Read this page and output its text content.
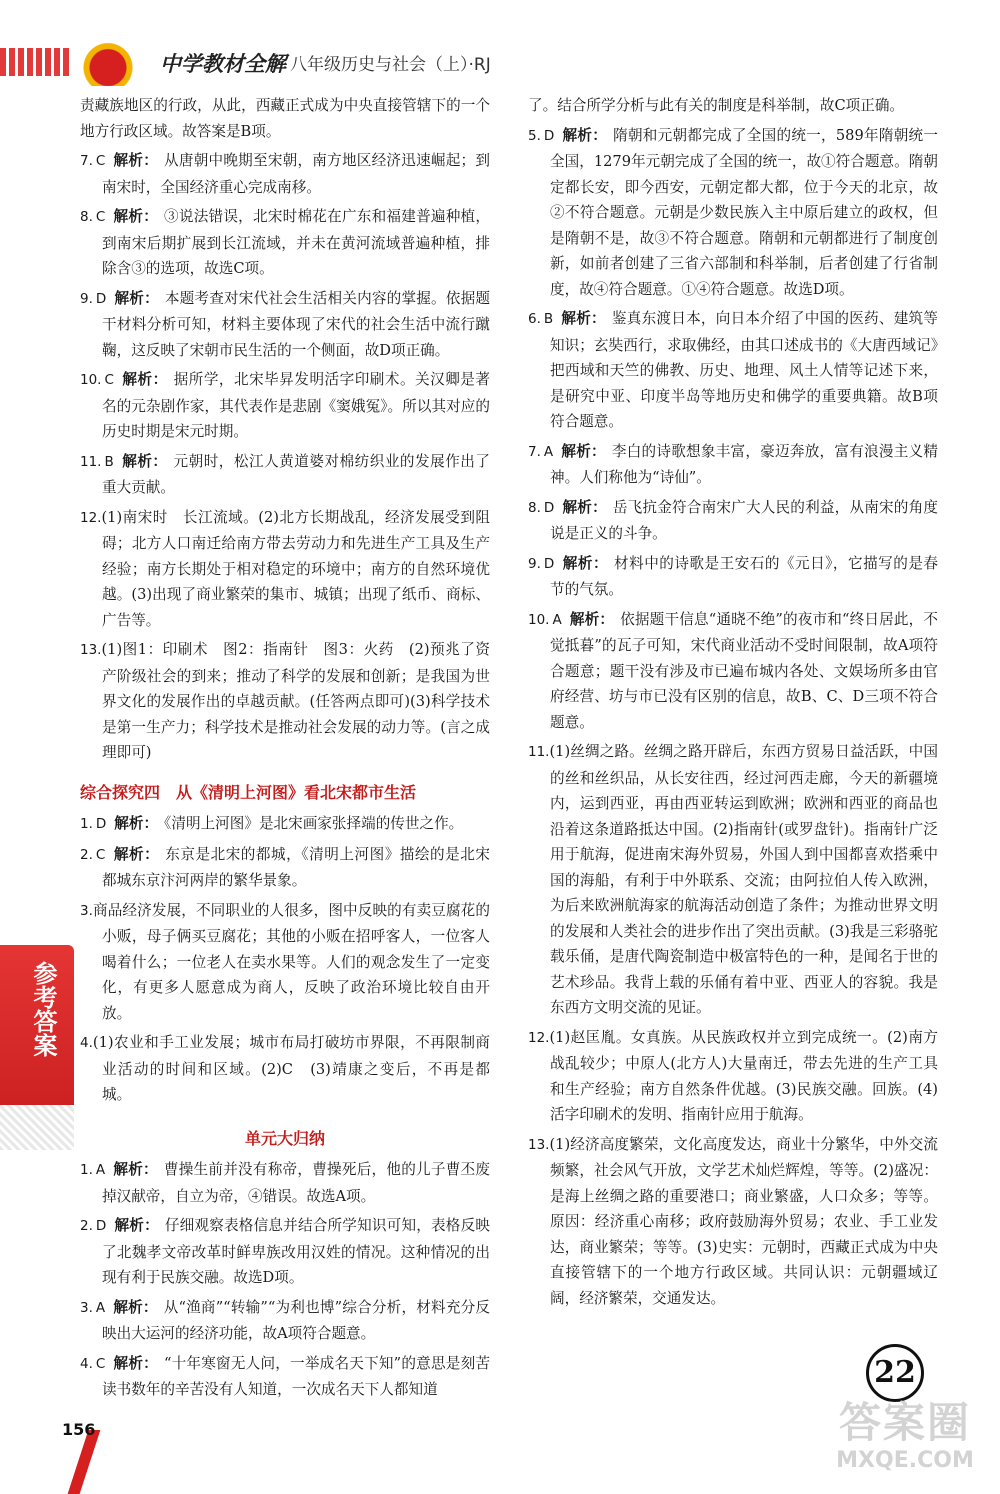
中学教材全解 八年级历史与社会（上）·RJ

责藏族地区的行政，从此，西藏正式成为中央直接管辖下的一个地方行政区域。故答案是B项。

7. C 解析： 从唐朝中晚期至宋朝，南方地区经济迅速崛起；到南宋时，全国经济重心完成南移。

8. C 解析： ③说法错误，北宋时棉花在广东和福建普遍种植，到南宋后期扩展到长江流域，并未在黄河流域普遍种植，排除含③的选项，故选C项。

9. D 解析： 本题考查对宋代社会生活相关内容的掌握。依据题干材料分析可知，材料主要体现了宋代的社会生活中流行蹴鞠，这反映了宋朝市民生活的一个侧面，故D项正确。

10. C 解析： 据所学，北宋毕昇发明活字印刷术。关汉卿是著名的元杂剧作家，其代表作是悲剧《窦娥冤》。所以其对应的历史时期是宋元时期。

11. B 解析： 元朝时，松江人黄道婆对棉纺织业的发展作出了重大贡献。

12.(1)南宋时　长江流域。(2)北方长期战乱，经济发展受到阻碍；北方人口南迁给南方带去劳动力和先进生产工具及生产经验；南方长期处于相对稳定的环境中；南方的自然环境优越。(3)出现了商业繁荣的集市、城镇；出现了纸币、商标、广告等。

13.(1)图1：印刷术　图2：指南针　图3：火药　(2)预兆了资产阶级社会的到来；推动了科学的发展和创新；是我国为世界文化的发展作出的卓越贡献。(任答两点即可)(3)科学技术是第一生产力；科学技术是推动社会发展的动力等。(言之成理即可)

综合探究四　从《清明上河图》看北宋都市生活

1. D 解析： 《清明上河图》是北宋画家张择端的传世之作。

2. C 解析： 东京是北宋的都城，《清明上河图》描绘的是北宋都城东京汴河两岸的繁华景象。

3.商品经济发展，不同职业的人很多，图中反映的有卖豆腐花的小贩，母子俩买豆腐花；其他的小贩在招呼客人，一位客人喝着什么；一位老人在卖水果等。人们的观念发生了一定变化，有更多人愿意成为商人，反映了政治环境比较自由开放。

4.(1)农业和手工业发展；城市布局打破坊市界限，不再限制商业活动的时间和区域。(2)C　(3)靖康之变后，不再是都城。

单元大归纳

1. A 解析： 曹操生前并没有称帝，曹操死后，他的儿子曹丕废掉汉献帝，自立为帝，④错误。故选A项。

2. D 解析： 仔细观察表格信息并结合所学知识可知，表格反映了北魏孝文帝改革时鲜卑族改用汉姓的情况。这种情况的出现有利于民族交融。故选D项。

3. A 解析： 从“渔商”“转输”“为利也博”综合分析，材料充分反映出大运河的经济功能，故A项符合题意。

4. C 解析： “十年寒窗无人问，一举成名天下知”的意思是刻苦读书数年的辛苦没有人知道，一次成名天下人都知道

了。结合所学分析与此有关的制度是科举制，故C项正确。

5. D 解析： 隋朝和元朝都完成了全国的统一，589年隋朝统一全国，1279年元朝完成了全国的统一，故①符合题意。隋朝定都长安，即今西安，元朝定都大都，位于今天的北京，故②不符合题意。元朝是少数民族入主中原后建立的政权，但是隋朝不是，故③不符合题意。隋朝和元朝都进行了制度创新，如前者创建了三省六部制和科举制，后者创建了行省制度，故④符合题意。①④符合题意。故选D项。

6. B 解析： 鉴真东渡日本，向日本介绍了中国的医药、建筑等知识；玄奘西行，求取佛经，由其口述成书的《大唐西域记》把西域和天竺的佛教、历史、地理、风土人情等记述下来，是研究中亚、印度半岛等地历史和佛学的重要典籍。故B项符合题意。

7. A 解析： 李白的诗歌想象丰富，豪迈奔放，富有浪漫主义精神。人们称他为“诗仙”。

8. D 解析： 岳飞抗金符合南宋广大人民的利益，从南宋的角度说是正义的斗争。

9. D 解析： 材料中的诗歌是王安石的《元日》，它描写的是春节的气氛。

10. A 解析： 依据题干信息“通晓不绝”的夜市和“终日居此，不觉抵暮”的瓦子可知，宋代商业活动不受时间限制，故A项符合题意；题干没有涉及市已遍布城内各处、文娱场所多由官府经营、坊与市已没有区别的信息，故B、C、D三项不符合题意。

11.(1)丝绸之路。丝绸之路开辟后，东西方贸易日益活跃，中国的丝和丝织品，从长安往西，经过河西走廊，今天的新疆境内，运到西亚，再由西亚转运到欧洲；欧洲和西亚的商品也沿着这条道路抵达中国。(2)指南针(或罗盘针)。指南针广泛用于航海，促进南宋海外贸易，外国人到中国都喜欢搭乘中国的海船，有利于中外联系、交流；由阿拉伯人传入欧洲，为后来欧洲航海家的航海活动创造了条件；为推动世界文明的发展和人类社会的进步作出了突出贡献。(3)我是三彩骆驼载乐俑，是唐代陶瓷制造中极富特色的一种，是闻名于世的艺术珍品。我背上载的乐俑有着中亚、西亚人的容貌。我是东西方文明交流的见证。

12.(1)赵匡胤。女真族。从民族政权并立到完成统一。(2)南方战乱较少；中原人(北方人)大量南迁，带去先进的生产工具和生产经验；南方自然条件优越。(3)民族交融。回族。(4)活字印刷术的发明、指南针应用于航海。

13.(1)经济高度繁荣，文化高度发达，商业十分繁华，中外交流频繁，社会风气开放，文学艺术灿烂辉煌，等等。(2)盛况：是海上丝绸之路的重要港口；商业繁盛，人口众多；等等。原因：经济重心南移；政府鼓励海外贸易；农业、手工业发达，商业繁荣；等等。(3)史实：元朝时，西藏正式成为中央直接管辖下的一个地方行政区域。共同认识：元朝疆域辽阔，经济繁荣，交通发达。

参考答案
156
22
答案圈
MXQE.COM
